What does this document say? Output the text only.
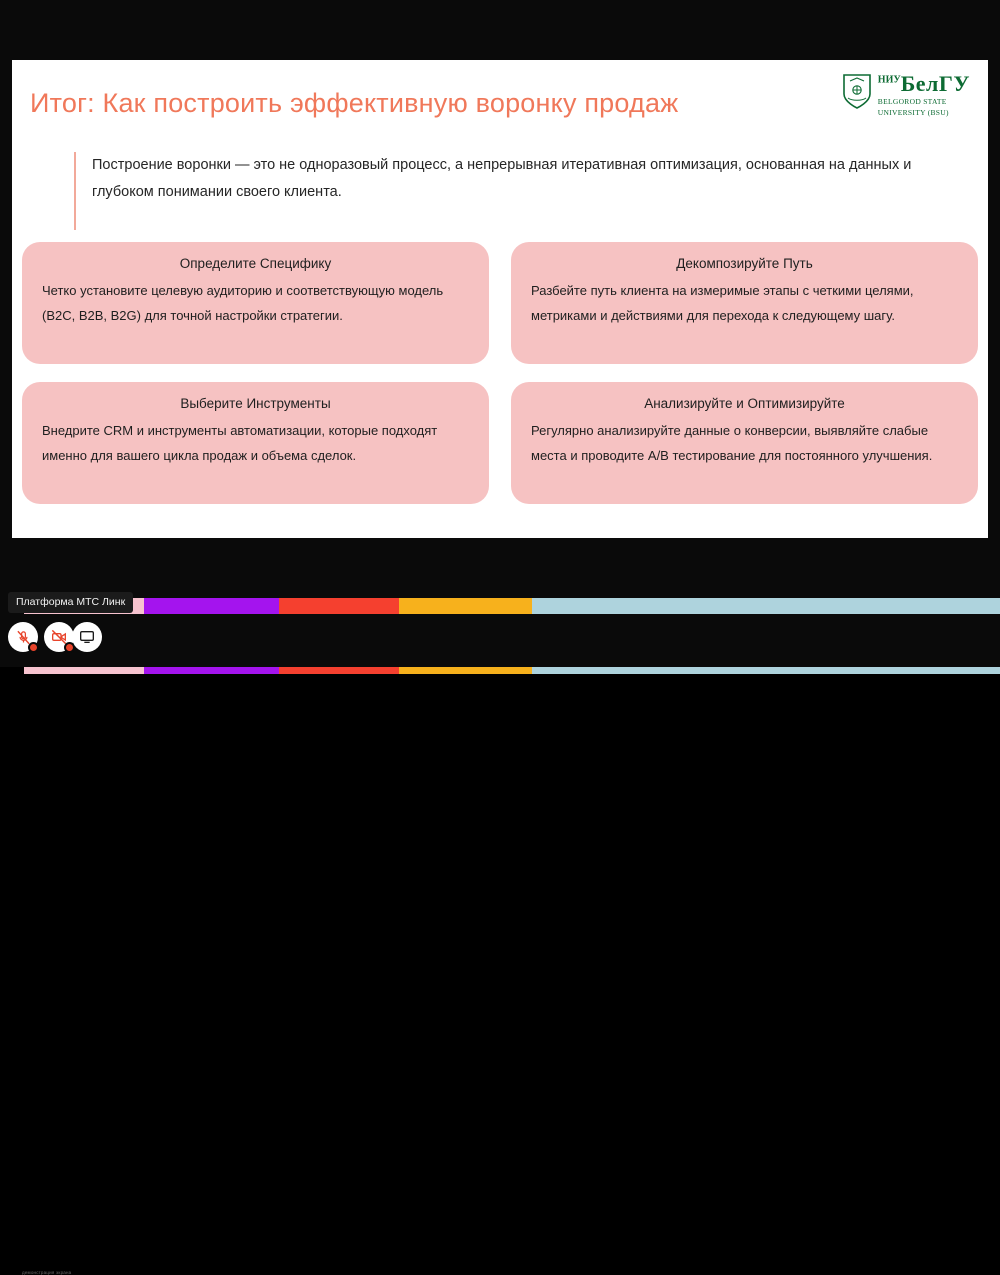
Итог: Как построить эффективную воронку продаж
$^{НИУ}$БелГУ
BELGOROD STATE
UNIVERSITY (BSU)

Построение воронки — это не одноразовый процесс, а непрерывная итеративная оптимизация, основанная на данных и глубоком понимании своего клиента.

Определите Специфику
Четко установите целевую аудиторию и соответствующую модель (B2C, B2B, B2G) для точной настройки стратегии.
Декомпозируйте Путь
Разбейте путь клиента на измеримые этапы с четкими целями, метриками и действиями для перехода к следующему шагу.
Выберите Инструменты
Внедрите CRM и инструменты автоматизации, которые подходят именно для вашего цикла продаж и объема сделок.
Анализируйте и Оптимизируйте
Регулярно анализируйте данные о конверсии, выявляйте слабые места и проводите A/B тестирование для постоянного улучшения.
Платформа МТС Линк
демонстрация экрана
